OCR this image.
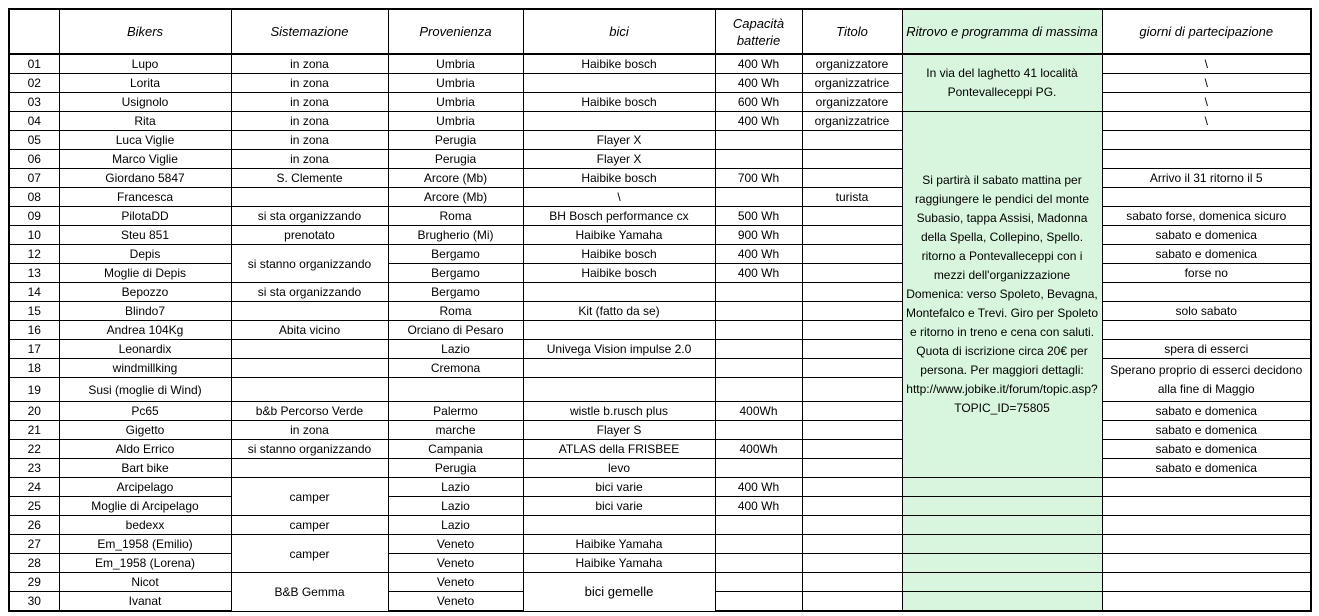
	Bikers	Sistemazione	Provenienza	bici	Capacità batterie	Titolo	Ritrovo e programma di massima	giorni di partecipazione
01	Lupo	in zona	Umbria	Haibike bosch	400 Wh	organizzatore	In via del laghetto 41 località Pontevalleceppi PG.	\
02	Lorita	in zona	Umbria		400 Wh	organizzatrice		\
03	Usignolo	in zona	Umbria	Haibike bosch	600 Wh	organizzatore		\
04	Rita	in zona	Umbria		400 Wh	organizzatrice	Si partirà il sabato mattina per raggiungere le pendici del monte Subasio, tappa Assisi, Madonna della Spella, Collepino, Spello. ritorno a Pontevalleceppi con i mezzi dell'organizzazione Domenica: verso Spoleto, Bevagna, Montefalco e Trevi. Giro per Spoleto e ritorno in treno e cena con saluti. Quota di iscrizione circa 20€ per persona. Per maggiori dettagli: http://www.jobike.it/forum/topic.asp?TOPIC_ID=75805	\
05	Luca Viglie	in zona	Perugia	Flayer X				
06	Marco Viglie	in zona	Perugia	Flayer X				
07	Giordano 5847	S. Clemente	Arcore (Mb)	Haibike bosch	700 Wh			Arrivo il 31 ritorno il 5
08	Francesca		Arcore (Mb)	\		turista		
09	PilotaDD	si sta organizzando	Roma	BH Bosch performance cx	500 Wh			sabato forse, domenica sicuro
10	Steu 851	prenotato	Brugherio (Mi)	Haibike Yamaha	900 Wh			sabato e domenica
12	Depis	si stanno organizzando	Bergamo	Haibike bosch	400 Wh			sabato e domenica
13	Moglie di Depis		Bergamo	Haibike bosch	400 Wh			forse no
14	Bepozzo	si sta organizzando	Bergamo					
15	Blindo7		Roma	Kit (fatto da se)				solo sabato
16	Andrea 104Kg	Abita vicino	Orciano di Pesaro					
17	Leonardix		Lazio	Univega Vision impulse 2.0				spera di esserci
18	windmillking		Cremona					Sperano proprio di esserci decidono alla fine di Maggio
19	Susi (moglie di Wind)							
20	Pc65	b&b Percorso Verde	Palermo	wistle b.rusch plus	400Wh			sabato e domenica
21	Gigetto	in zona	marche	Flayer S				sabato e domenica
22	Aldo Errico	si stanno organizzando	Campania	ATLAS della FRISBEE	400Wh			sabato e domenica
23	Bart bike		Perugia	levo				sabato e domenica
24	Arcipelago	camper	Lazio	bici varie	400 Wh			
25	Moglie di Arcipelago		Lazio	bici varie	400 Wh			
26	bedexx	camper	Lazio					
27	Em_1958 (Emilio)	camper	Veneto	Haibike Yamaha				
28	Em_1958 (Lorena)		Veneto	Haibike Yamaha				
29	Nicot	B&B Gemma	Veneto	bici gemelle				
30	Ivanat		Veneto					
